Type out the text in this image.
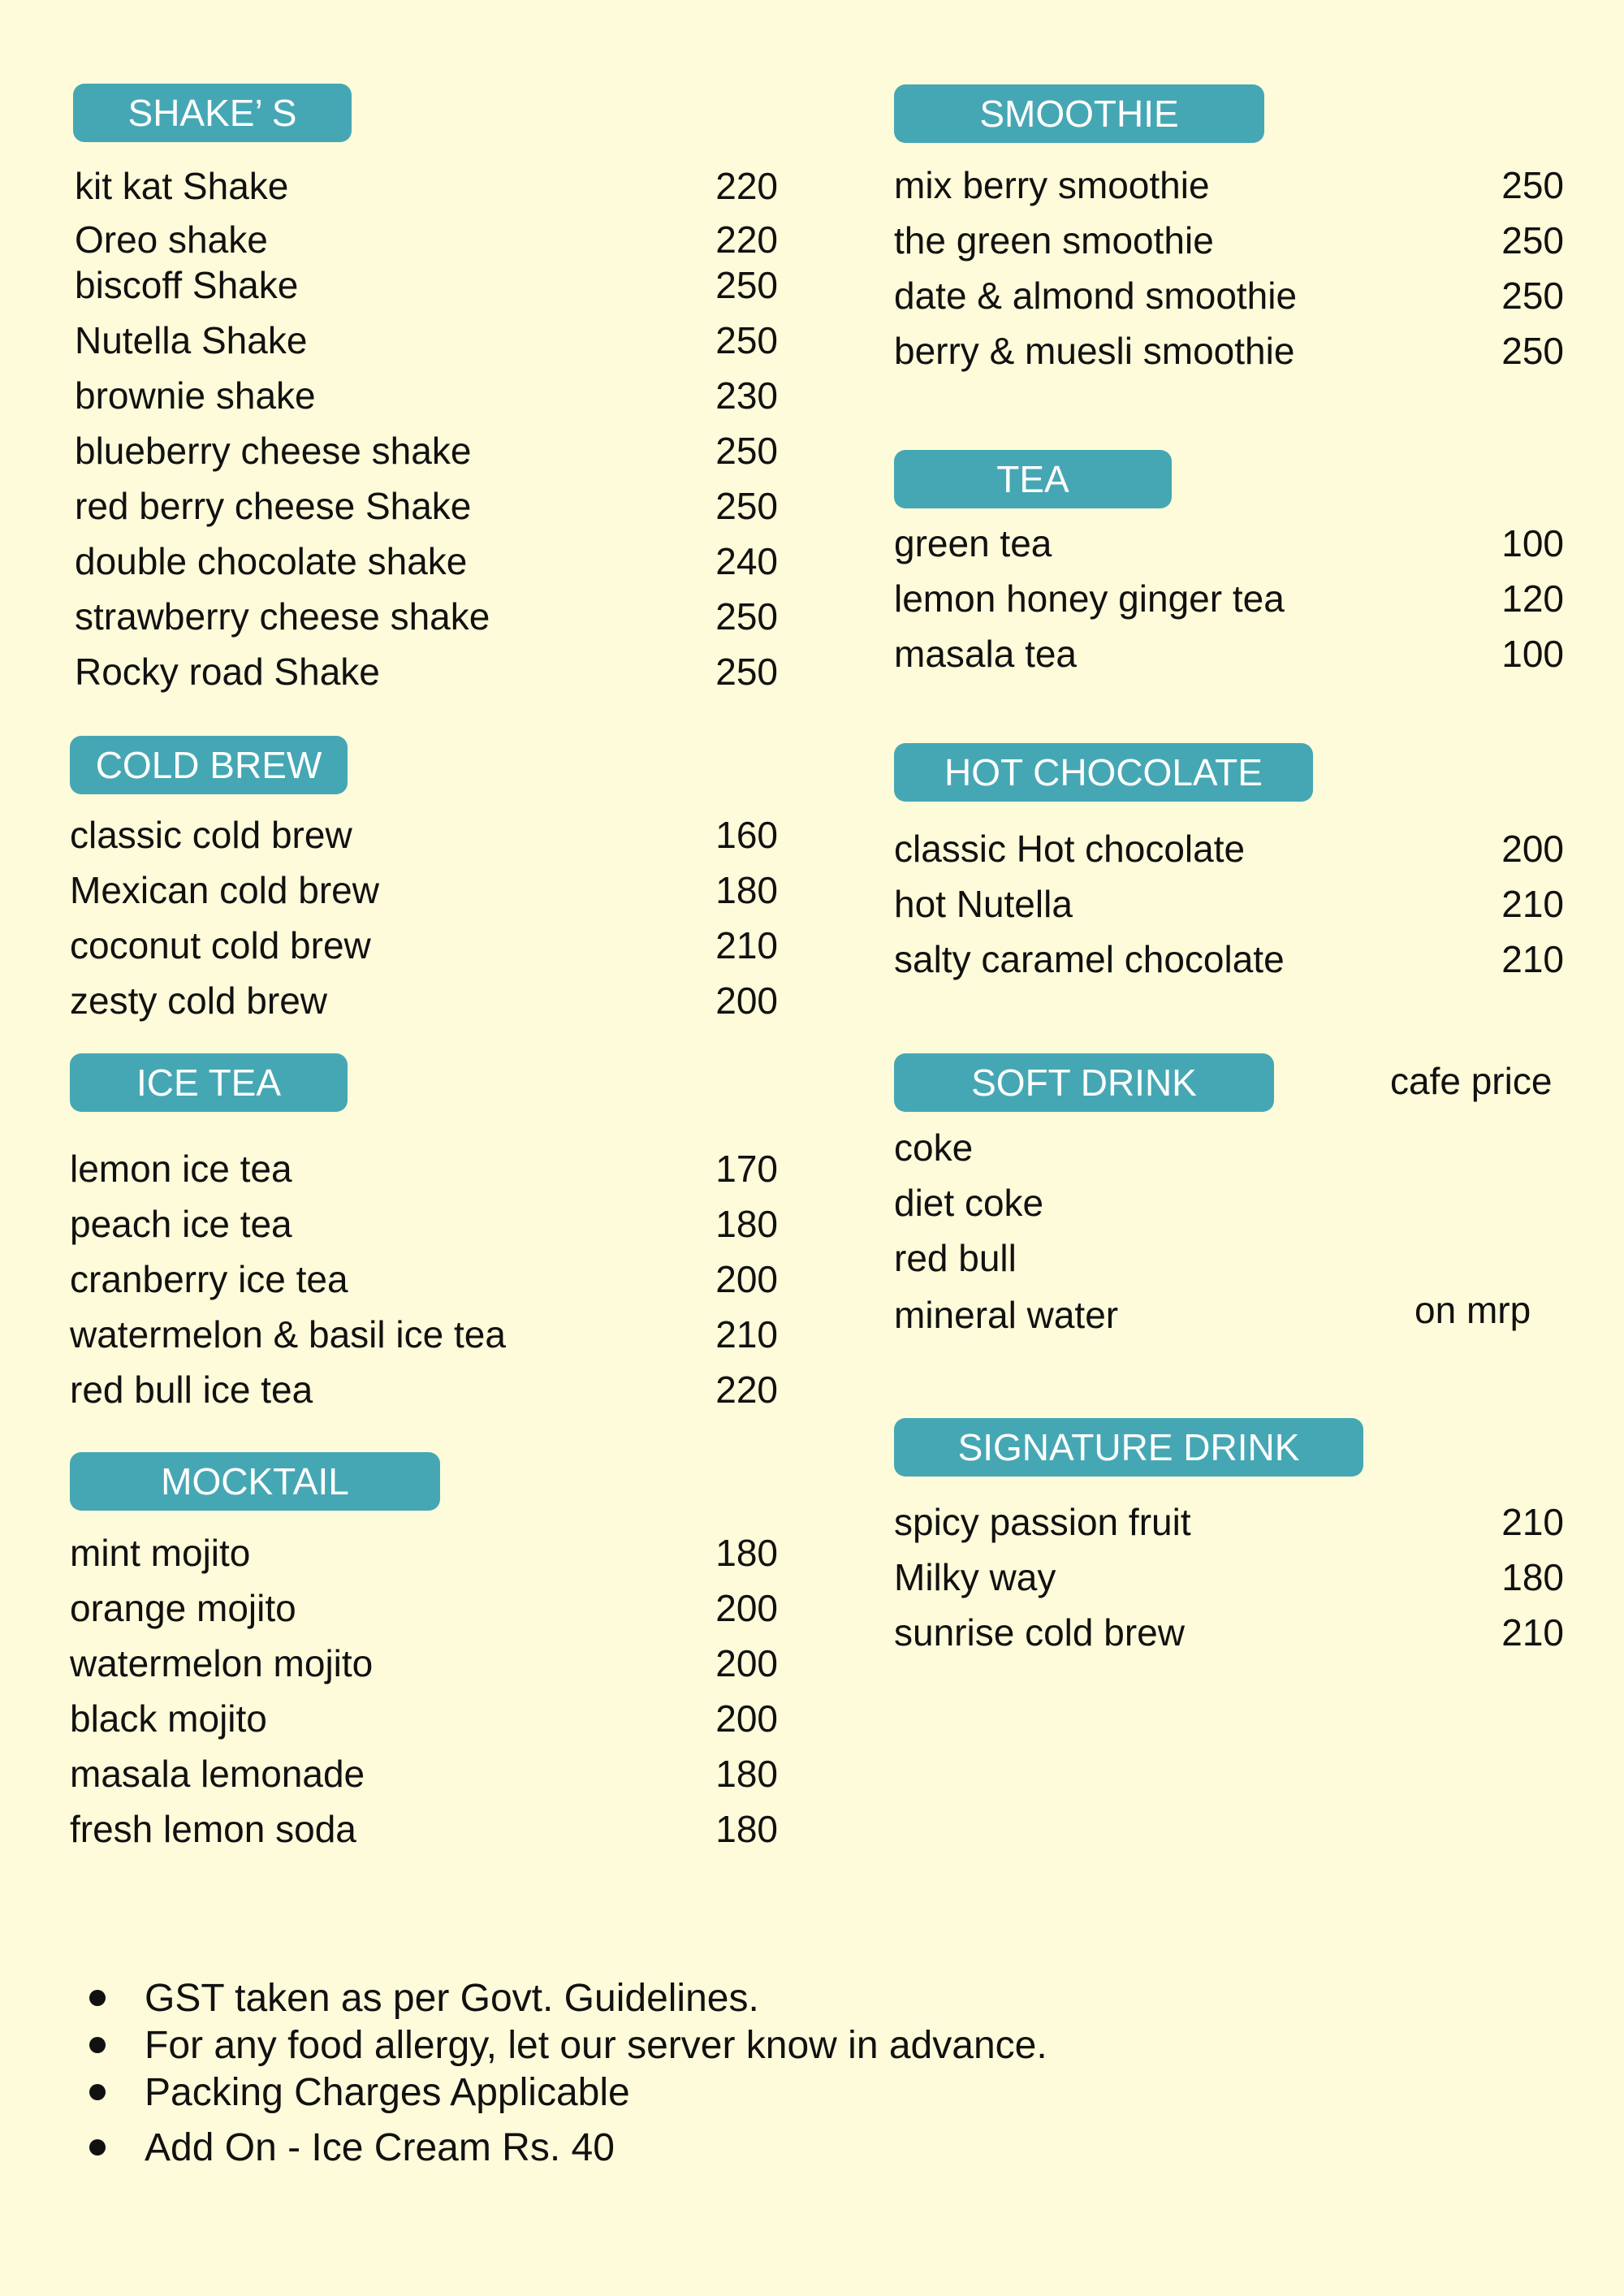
SHAKE’ S
kit kat Shake	220
Oreo shake	220
biscoff Shake	250
Nutella Shake	250
brownie shake	230
blueberry cheese shake	250
red berry cheese Shake	250
double chocolate shake	240
strawberry cheese shake	250
Rocky road Shake	250
COLD BREW
classic cold brew	160
Mexican cold brew	180
coconut cold brew	210
zesty cold brew	200
ICE TEA
lemon ice tea	170
peach ice tea	180
cranberry ice tea	200
watermelon & basil ice tea	210
red bull ice tea	220
MOCKTAIL
mint mojito	180
orange mojito	200
watermelon mojito	200
black mojito	200
masala lemonade	180
fresh lemon soda	180
SMOOTHIE
mix berry smoothie	250
the green smoothie	250
date & almond smoothie	250
berry & muesli smoothie	250
TEA
green tea	100
lemon honey ginger tea	120
masala tea	100
HOT CHOCOLATE
classic Hot chocolate	200
hot Nutella	210
salty caramel chocolate	210
SOFT DRINK	cafe price
coke
diet coke
red bull
mineral water	on mrp
SIGNATURE DRINK
spicy passion fruit	210
Milky way	180
sunrise cold brew	210
GST taken as per Govt. Guidelines.
For any food allergy, let our server know in advance.
Packing Charges Applicable
Add On - Ice Cream Rs. 40
